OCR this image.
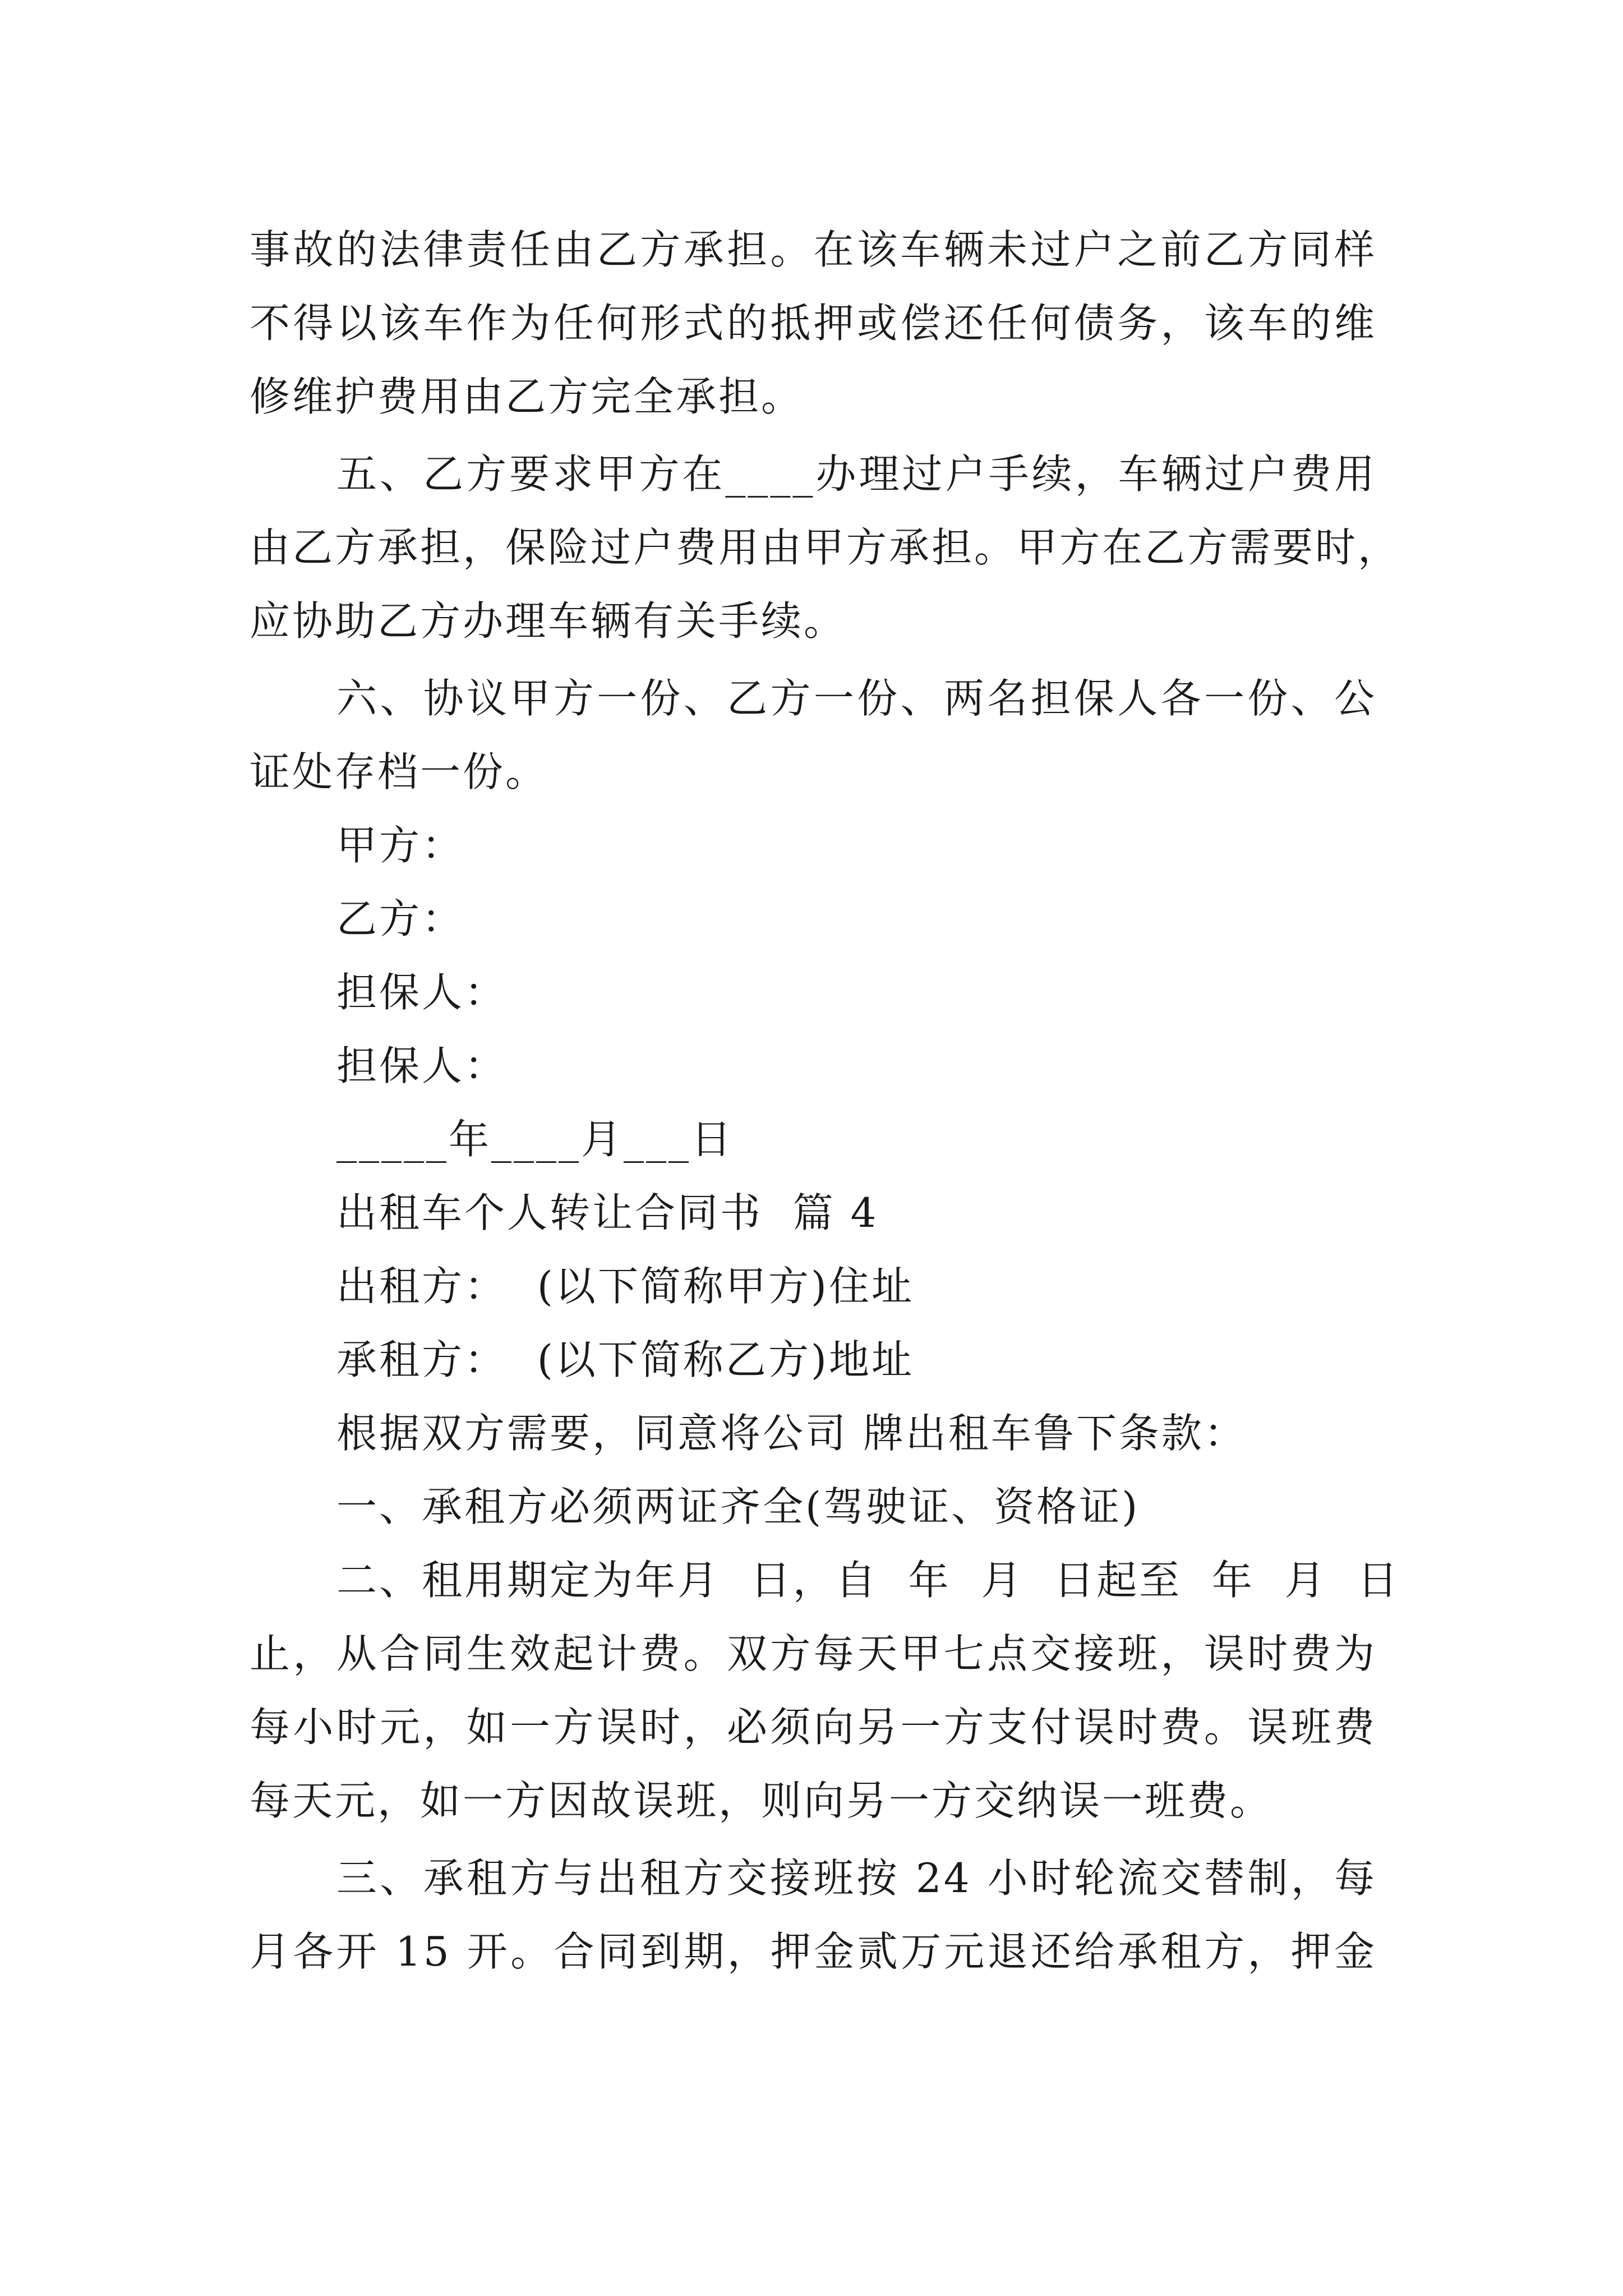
事故的法律责任由乙方承担。在该车辆未过户之前乙方同样
不得以该车作为任何形式的抵押或偿还任何债务，该车的维
修维护费用由乙方完全承担。
五、乙方要求甲方在____办理过户手续，车辆过户费用
由乙方承担，保险过户费用由甲方承担。甲方在乙方需要时，
应协助乙方办理车辆有关手续。
六、协议甲方一份、乙方一份、两名担保人各一份、公
证处存档一份。
甲方：
乙方：
担保人：
担保人：
_____年____月___日
出租车个人转让合同书  篇 4
出租方：  (以下简称甲方)住址
承租方：  (以下简称乙方)地址
根据双方需要，同意将公司 牌出租车鲁下条款：
一、承租方必须两证齐全(驾驶证、资格证)
二、租用期定为年月  日，自  年  月  日起至  年  月  日
止，从合同生效起计费。双方每天甲七点交接班，误时费为
每小时元，如一方误时，必须向另一方支付误时费。误班费
每天元，如一方因故误班，则向另一方交纳误一班费。
三、承租方与出租方交接班按 24 小时轮流交替制，每
月各开 15 开。合同到期，押金贰万元退还给承租方，押金
